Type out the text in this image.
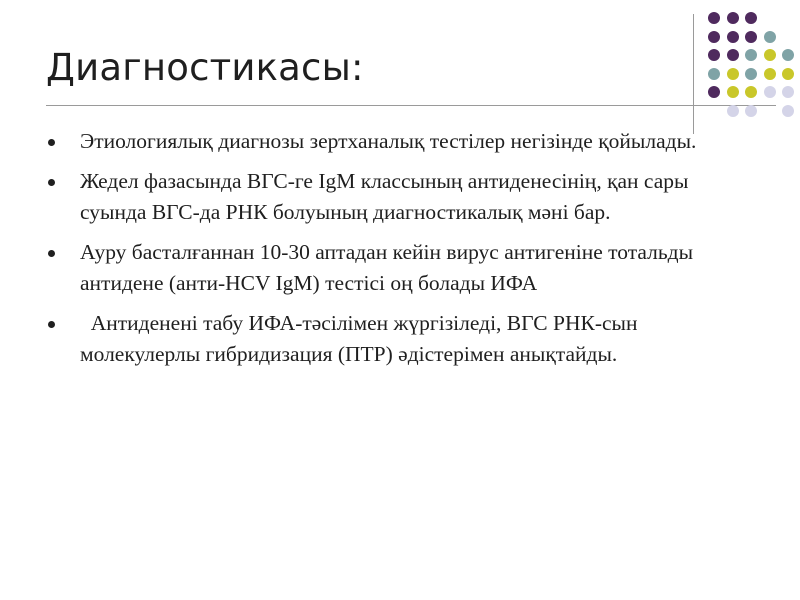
Диагностикасы:
Этиологиялық диагнозы зертханалық тестілер негізінде қойылады.
Жедел фазасында ВГС-ге IgM классының антиденесінің, қан сары суында ВГС-да РНК болуының диагностикалық мәні бар.
Ауру басталғаннан 10-30 аптадан кейін вирус антигеніне тотальды антидене (анти-HCV IgM) тестісі оң болады ИФА
Антиденені табу ИФА-тәсілімен жүргізіледі, ВГС РНК-сын молекулерлы гибридизация (ПТР) әдістерімен анықтайды.
